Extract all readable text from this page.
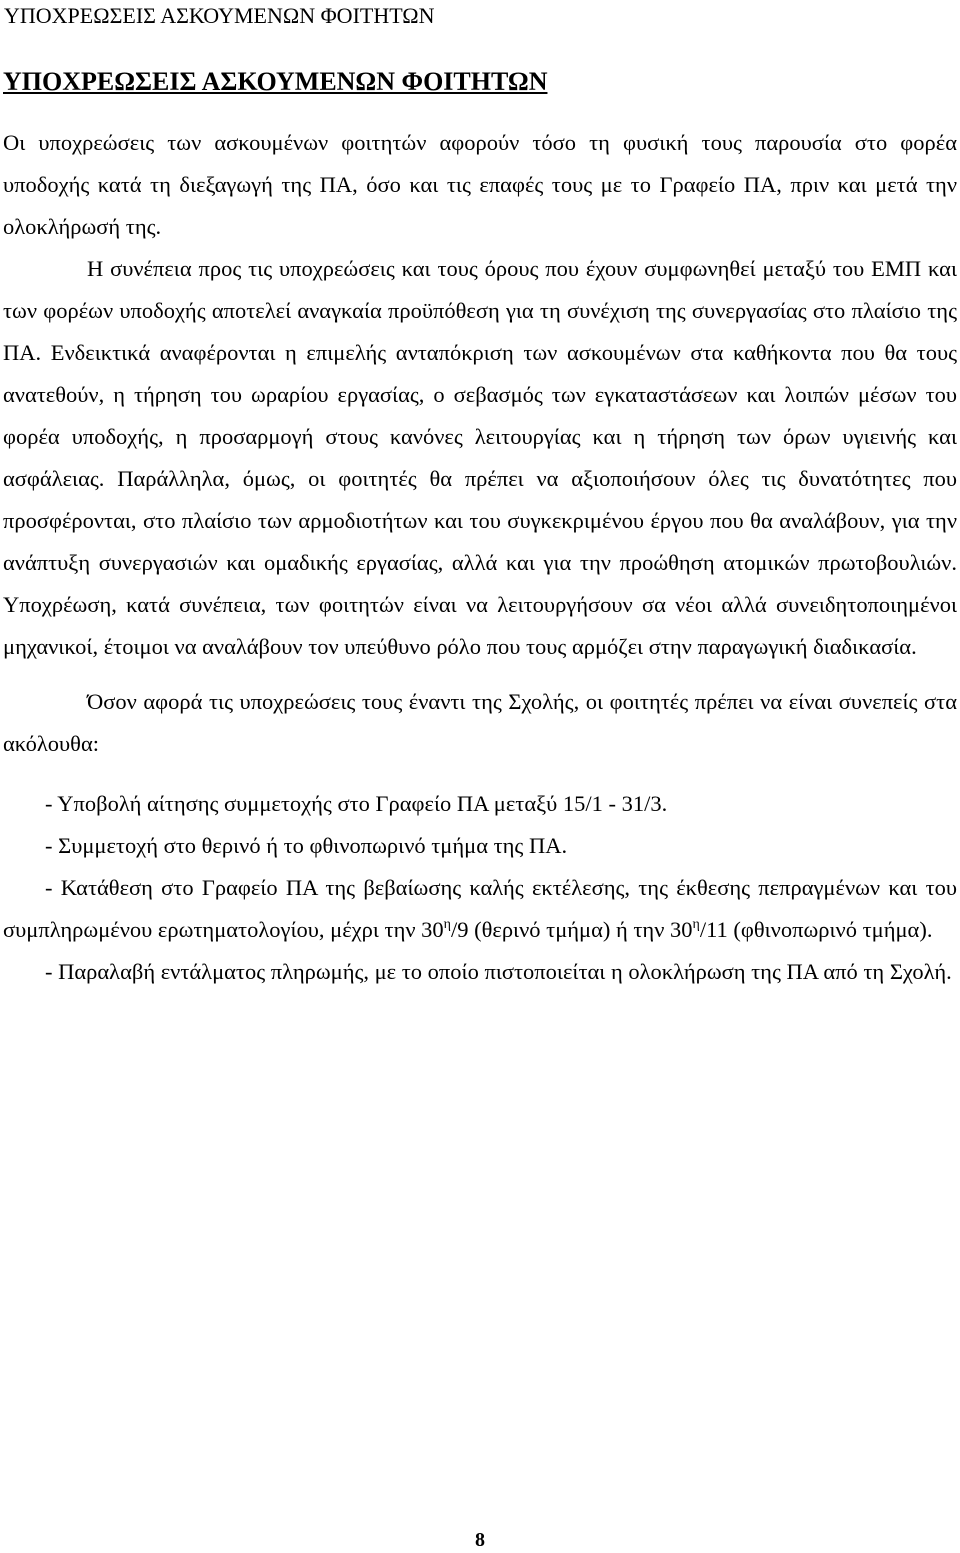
ΥΠΟΧΡΕΩΣΕΙΣ ΑΣΚΟΥΜΕΝΩΝ ΦΟΙΤΗΤΩΝ
ΥΠΟΧΡΕΩΣΕΙΣ ΑΣΚΟΥΜΕΝΩΝ ΦΟΙΤΗΤΩΝ

Οι υποχρεώσεις των ασκουμένων φοιτητών αφορούν τόσο τη φυσική τους παρουσία στο φορέα υποδοχής κατά τη διεξαγωγή της ΠΑ, όσο και τις επαφές τους με το Γραφείο ΠΑ, πριν και μετά την ολοκλήρωσή της.

Η συνέπεια προς τις υποχρεώσεις και τους όρους που έχουν συμφωνηθεί μεταξύ του ΕΜΠ και των φορέων υποδοχής αποτελεί αναγκαία προϋπόθεση για τη συνέχιση της συνεργασίας στο πλαίσιο της ΠΑ. Ενδεικτικά αναφέρονται η επιμελής ανταπόκριση των ασκουμένων στα καθήκοντα που θα τους ανατεθούν, η τήρηση του ωραρίου εργασίας, ο σεβασμός των εγκαταστάσεων και λοιπών μέσων του φορέα υποδοχής, η προσαρμογή στους κανόνες λειτουργίας και η τήρηση των όρων υγιεινής και ασφάλειας. Παράλληλα, όμως, οι φοιτητές θα πρέπει να αξιοποιήσουν όλες τις δυνατότητες που προσφέρονται, στο πλαίσιο των αρμοδιοτήτων και του συγκεκριμένου έργου που θα αναλάβουν, για την ανάπτυξη συνεργασιών και ομαδικής εργασίας, αλλά και για την προώθηση ατομικών πρωτοβουλιών. Υποχρέωση, κατά συνέπεια, των φοιτητών είναι να λειτουργήσουν σα νέοι αλλά συνειδητοποιημένοι μηχανικοί, έτοιμοι να αναλάβουν τον υπεύθυνο ρόλο που τους αρμόζει στην παραγωγική διαδικασία.

Όσον αφορά τις υποχρεώσεις τους έναντι της Σχολής, οι φοιτητές πρέπει να είναι συνεπείς στα ακόλουθα:

- Υποβολή αίτησης συμμετοχής στο Γραφείο ΠΑ μεταξύ 15/1 - 31/3.

- Συμμετοχή στο θερινό ή το φθινοπωρινό τμήμα της ΠΑ.

- Κατάθεση στο Γραφείο ΠΑ της βεβαίωσης καλής εκτέλεσης, της έκθεσης πεπραγμένων και του συμπληρωμένου ερωτηματολογίου, μέχρι την $30^\eta/9$ (θερινό τμήμα) ή την $30^\eta/11$ (φθινοπωρινό τμήμα).

- Παραλαβή εντάλματος πληρωμής, με το οποίο πιστοποιείται η ολοκλήρωση της ΠΑ από τη Σχολή.

8
